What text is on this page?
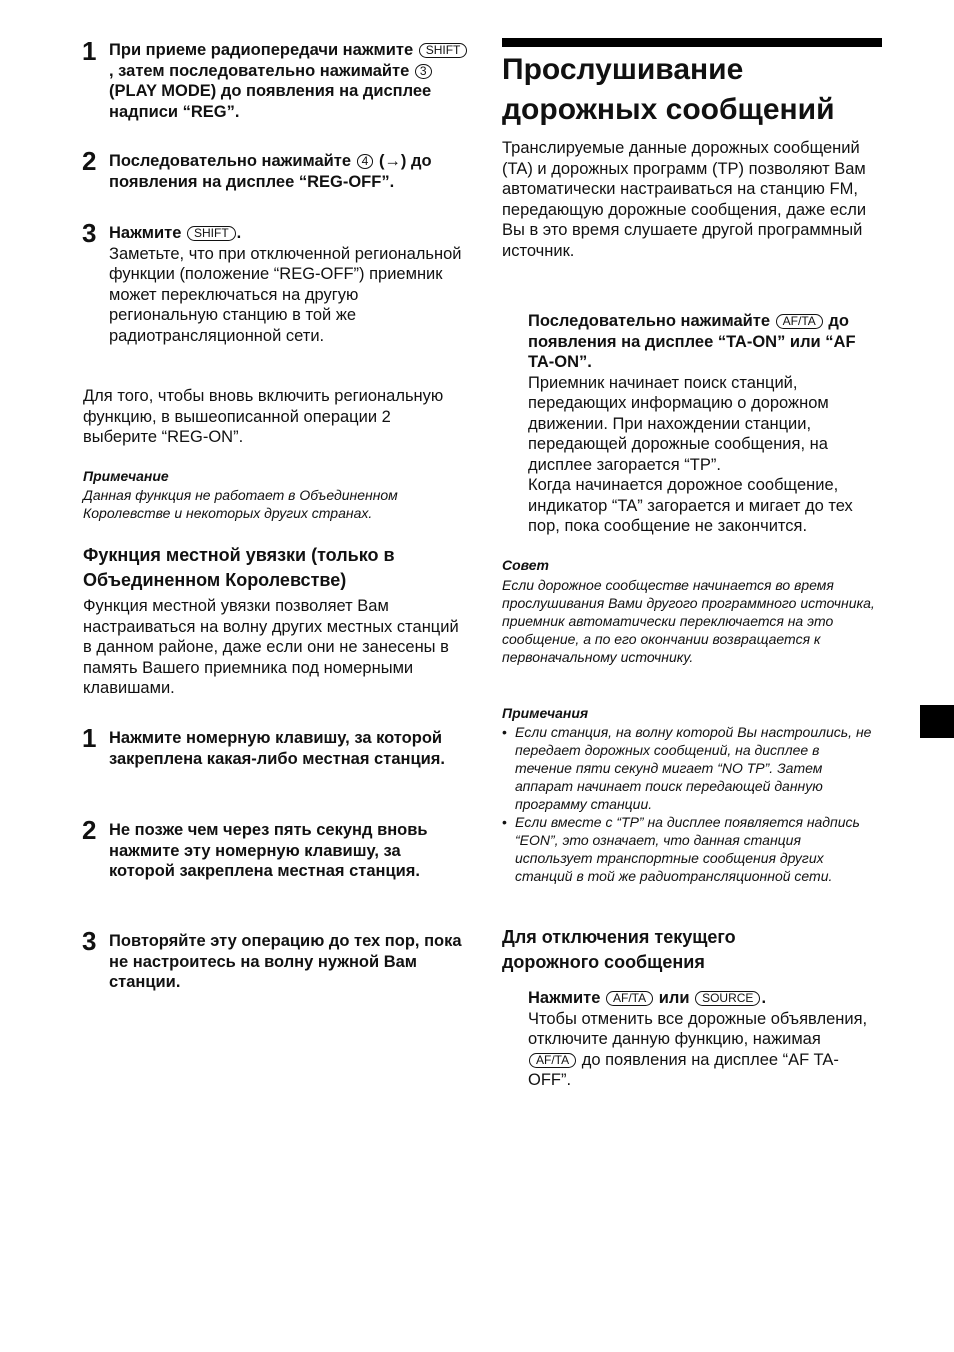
1 При приеме радиопередачи нажмите SHIFT, затем последовательно нажимайте 3 (PLAY MODE) до появления на дисплее надписи “REG”.
2 Последовательно нажимайте 4 (→) до появления на дисплее “REG-OFF”.
3 Нажмите SHIFT .
Заметьте, что при отключенной региональной функции (положение “REG-OFF”) приемник может переключаться на другую региональную станцию в той же радиотрансляционной сети.
Для того, чтобы вновь включить региональную функцию, в вышеописанной операции 2 выберите “REG-ON”.
Примечание
Данная функция не работает в Объединенном Королевстве и некоторых других странах.
Фукнция местной увязки (только в Объединенном Королевстве)
Функция местной увязки позволяет Вам настраиваться на волну других местных станций в данном районе, даже если они не занесены в память Вашего приемника под номерными клавишами.
1 Нажмите номерную клавишу, за которой закреплена какая-либо местная станция.
2 Не позже чем через пять секунд вновь нажмите эту номерную клавишу, за которой закреплена местная станция.
3 Повторяйте эту операцию до тех пор, пока не настроитесь на волну нужной Вам станции.
Прослушивание дорожных сообщений
Транслируемые данные дорожных сообщений (TA) и дорожных программ (TP) позволяют Вам автоматически настраиваться на станцию FM, передающую дорожные сообщения, даже если Вы в это время слушаете другой программный источник.
Последовательно нажимайте AF/TA до появления на дисплее “TA-ON” или “AF TA-ON”.
Приемник начинает поиск станций, передающих информацию о дорожном движении. При нахождении станции, передающей дорожные сообщения, на дисплее загорается “TP”.
Когда начинается дорожное сообщение, индикатор “TA” загорается и мигает до тех пор, пока сообщение не закончится.
Совет
Если дорожное сообществе начинается во время прослушивания Вами другого программного источника, приемник автоматически переключается на это сообщение, а по его окончании возвращается к первоначальному источнику.
Примечания
• Если станция, на волну которой Вы настроились, не передает дорожных сообщений, на дисплее в течение пяти секунд мигает “NO TP”. Затем аппарат начинает поиск передающей данную программу станции.
• Если вместе с “TP” на дисплее появляется надпись “EON”, это означает, что данная станция использует транспортные сообщения других станций в той же радиотрансляционной сети.
Для отключения текущего дорожного сообщения
Нажмите AF/TA или SOURCE .
Чтобы отменить все дорожные объявления, отключите данную функцию, нажимая AF/TA до появления на дисплее “AF TA-OFF”.
